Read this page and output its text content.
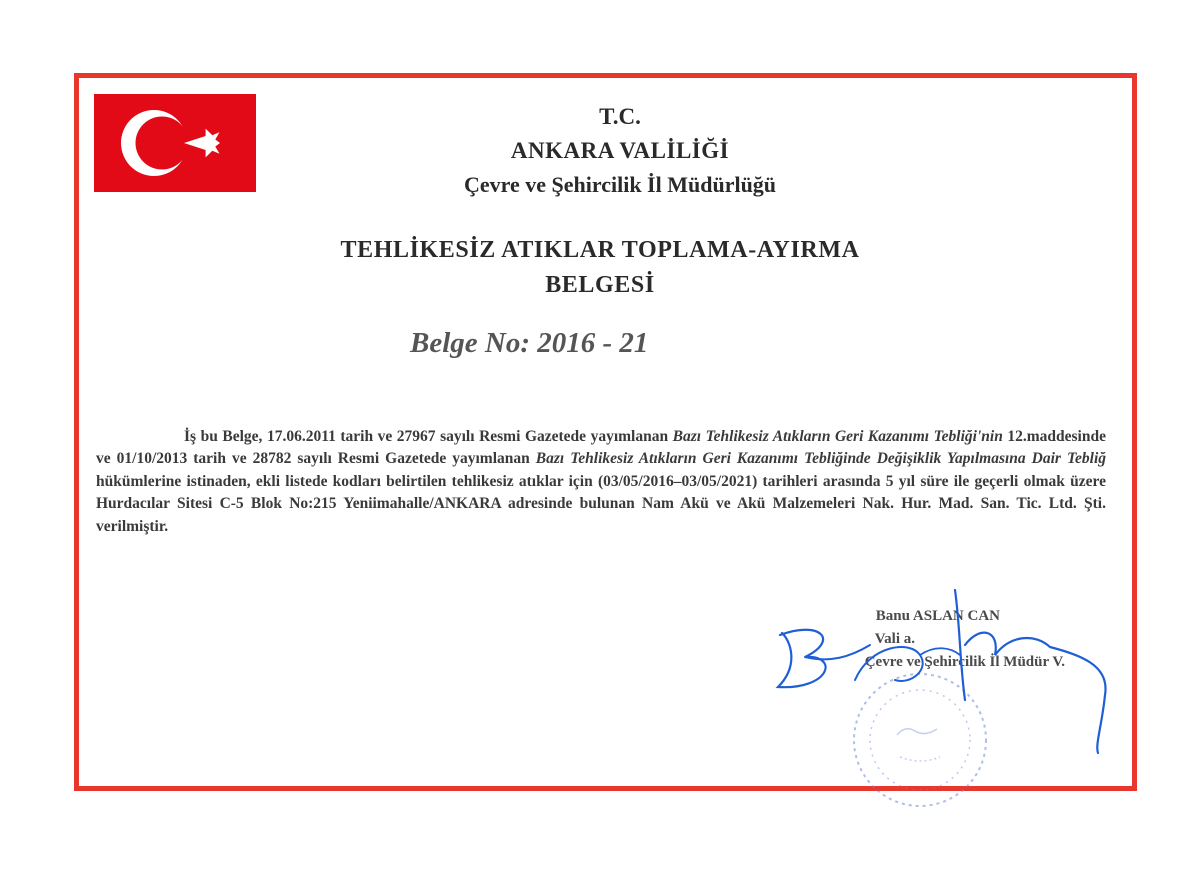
T.C.
ANKARA VALİLİĞİ
Çevre ve Şehircilik İl Müdürlüğü
TEHLİKESİZ ATIKLAR TOPLAMA-AYIRMA
BELGESİ
Belge No: 2016 - 21

İş bu Belge, 17.06.2011 tarih ve 27967 sayılı Resmi Gazetede yayımlanan Bazı Tehlikesiz Atıkların Geri Kazanımı Tebliği'nin 12.maddesinde ve 01/10/2013 tarih ve 28782 sayılı Resmi Gazetede yayımlanan Bazı Tehlikesiz Atıkların Geri Kazanımı Tebliğinde Değişiklik Yapılmasına Dair Tebliğ hükümlerine istinaden, ekli listede kodları belirtilen tehlikesiz atıklar için (03/05/2016–03/05/2021) tarihleri arasında 5 yıl süre ile geçerli olmak üzere Hurdacılar Sitesi C-5 Blok No:215 Yeniimahalle/ANKARA adresinde bulunan Nam Akü ve Akü Malzemeleri Nak. Hur. Mad. San. Tic. Ltd. Şti. verilmiştir.

Banu ASLAN CAN
Vali a.
Çevre ve Şehircilik İl Müdür V.
